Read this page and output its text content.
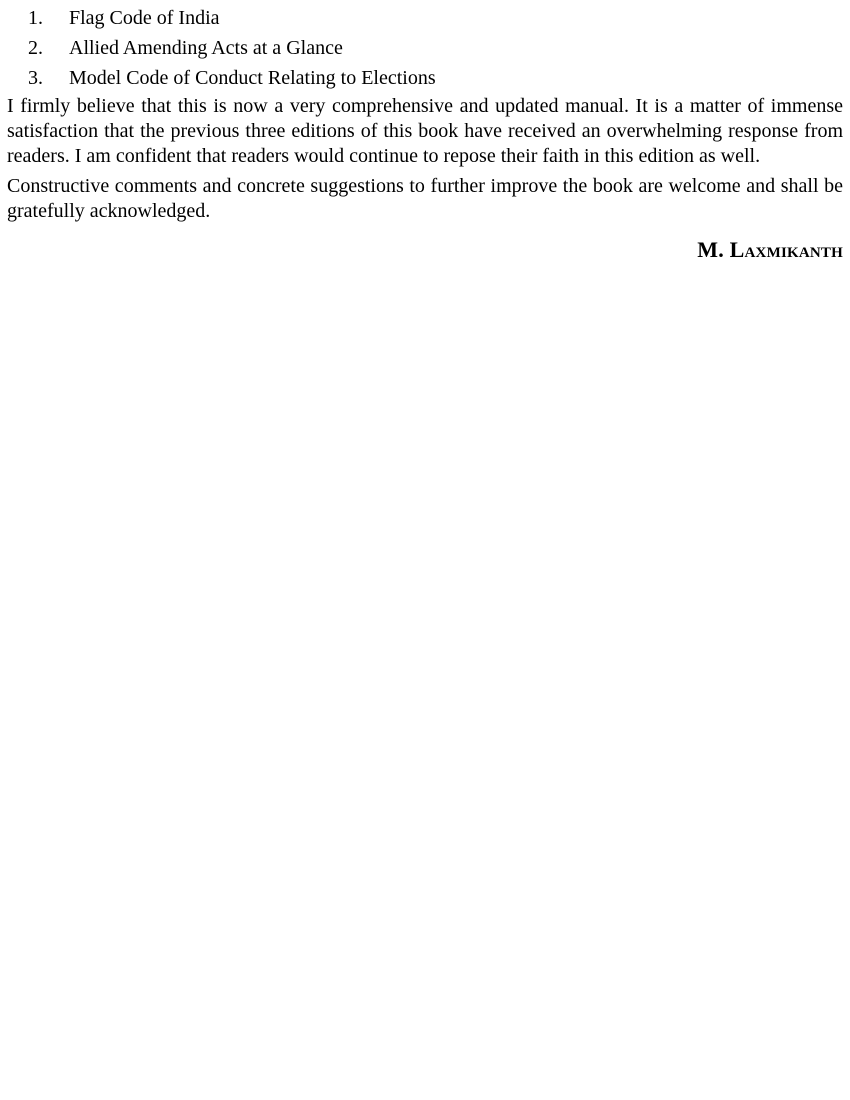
1.	Flag Code of India
2.	Allied Amending Acts at a Glance
3.	Model Code of Conduct Relating to Elections

I firmly believe that this is now a very comprehensive and updated manual. It is a matter of immense satisfaction that the previous three editions of this book have received an overwhelming response from readers. I am confident that readers would continue to repose their faith in this edition as well.

Constructive comments and concrete suggestions to further improve the book are welcome and shall be gratefully acknowledged.

M. Laxmikanth
